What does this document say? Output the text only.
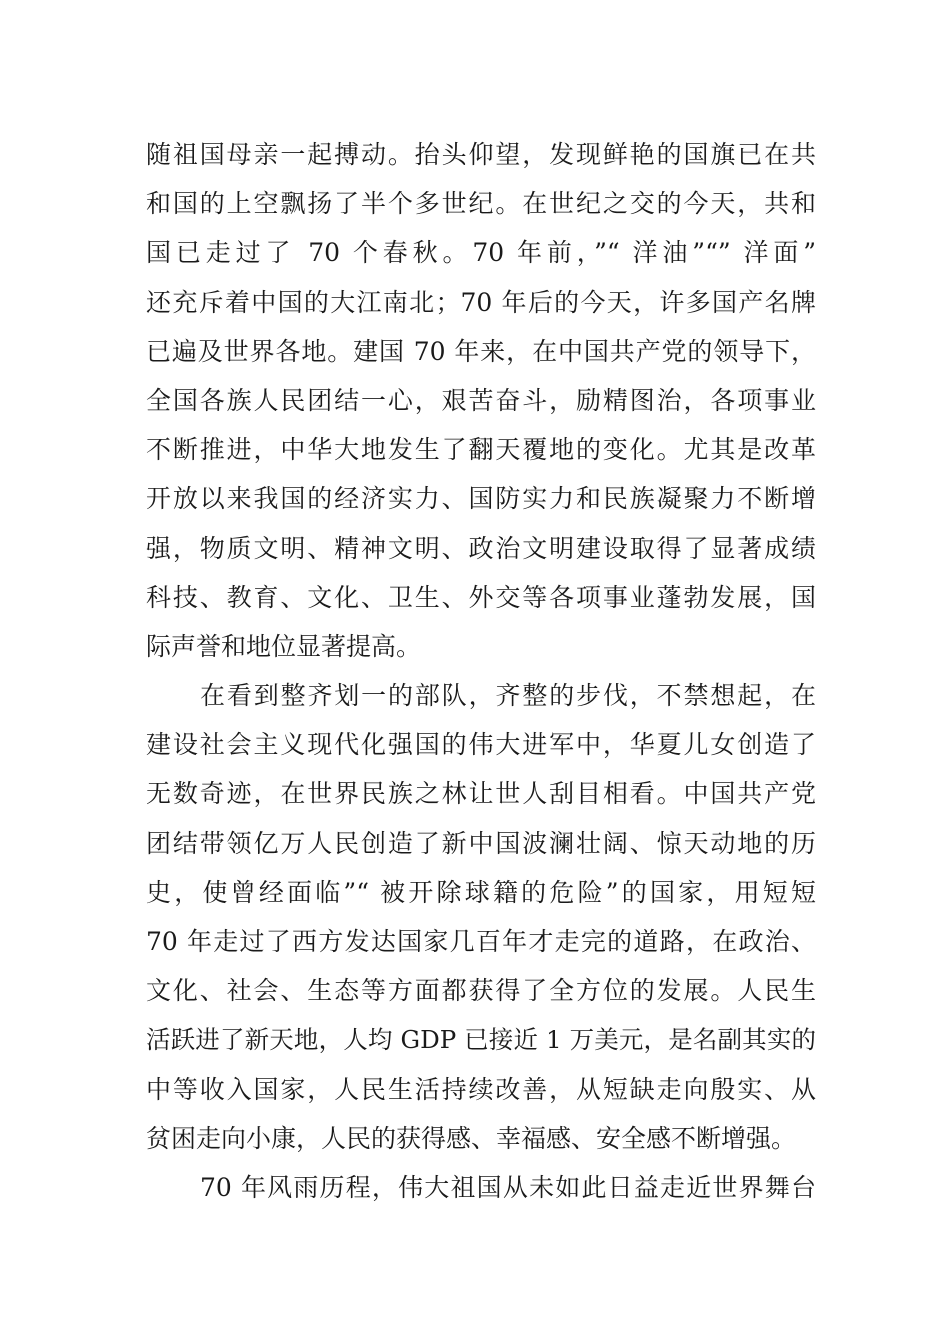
随祖国母亲一起搏动。抬头仰望，发现鲜艳的国旗已在共
和国的上空飘扬了半个多世纪。在世纪之交的今天，共和
国已走过了 70 个春秋。70 年前，”“ 洋油”“” 洋面”
还充斥着中国的大江南北；70 年后的今天，许多国产名牌
已遍及世界各地。建国 70 年来，在中国共产党的领导下，
全国各族人民团结一心，艰苦奋斗，励精图治，各项事业
不断推进，中华大地发生了翻天覆地的变化。尤其是改革
开放以来我国的经济实力、国防实力和民族凝聚力不断增
强，物质文明、精神文明、政治文明建设取得了显著成绩
科技、教育、文化、卫生、外交等各项事业蓬勃发展，国
际声誉和地位显著提高。
在看到整齐划一的部队，齐整的步伐，不禁想起，在
建设社会主义现代化强国的伟大进军中，华夏儿女创造了
无数奇迹，在世界民族之林让世人刮目相看。中国共产党
团结带领亿万人民创造了新中国波澜壮阔、惊天动地的历
史，使曾经面临”“ 被开除球籍的危险”的国家，用短短
70 年走过了西方发达国家几百年才走完的道路，在政治、
文化、社会、生态等方面都获得了全方位的发展。人民生
活跃进了新天地，人均 GDP 已接近 1 万美元，是名副其实的
中等收入国家，人民生活持续改善，从短缺走向殷实、从
贫困走向小康，人民的获得感、幸福感、安全感不断增强。
70 年风雨历程，伟大祖国从未如此日益走近世界舞台
